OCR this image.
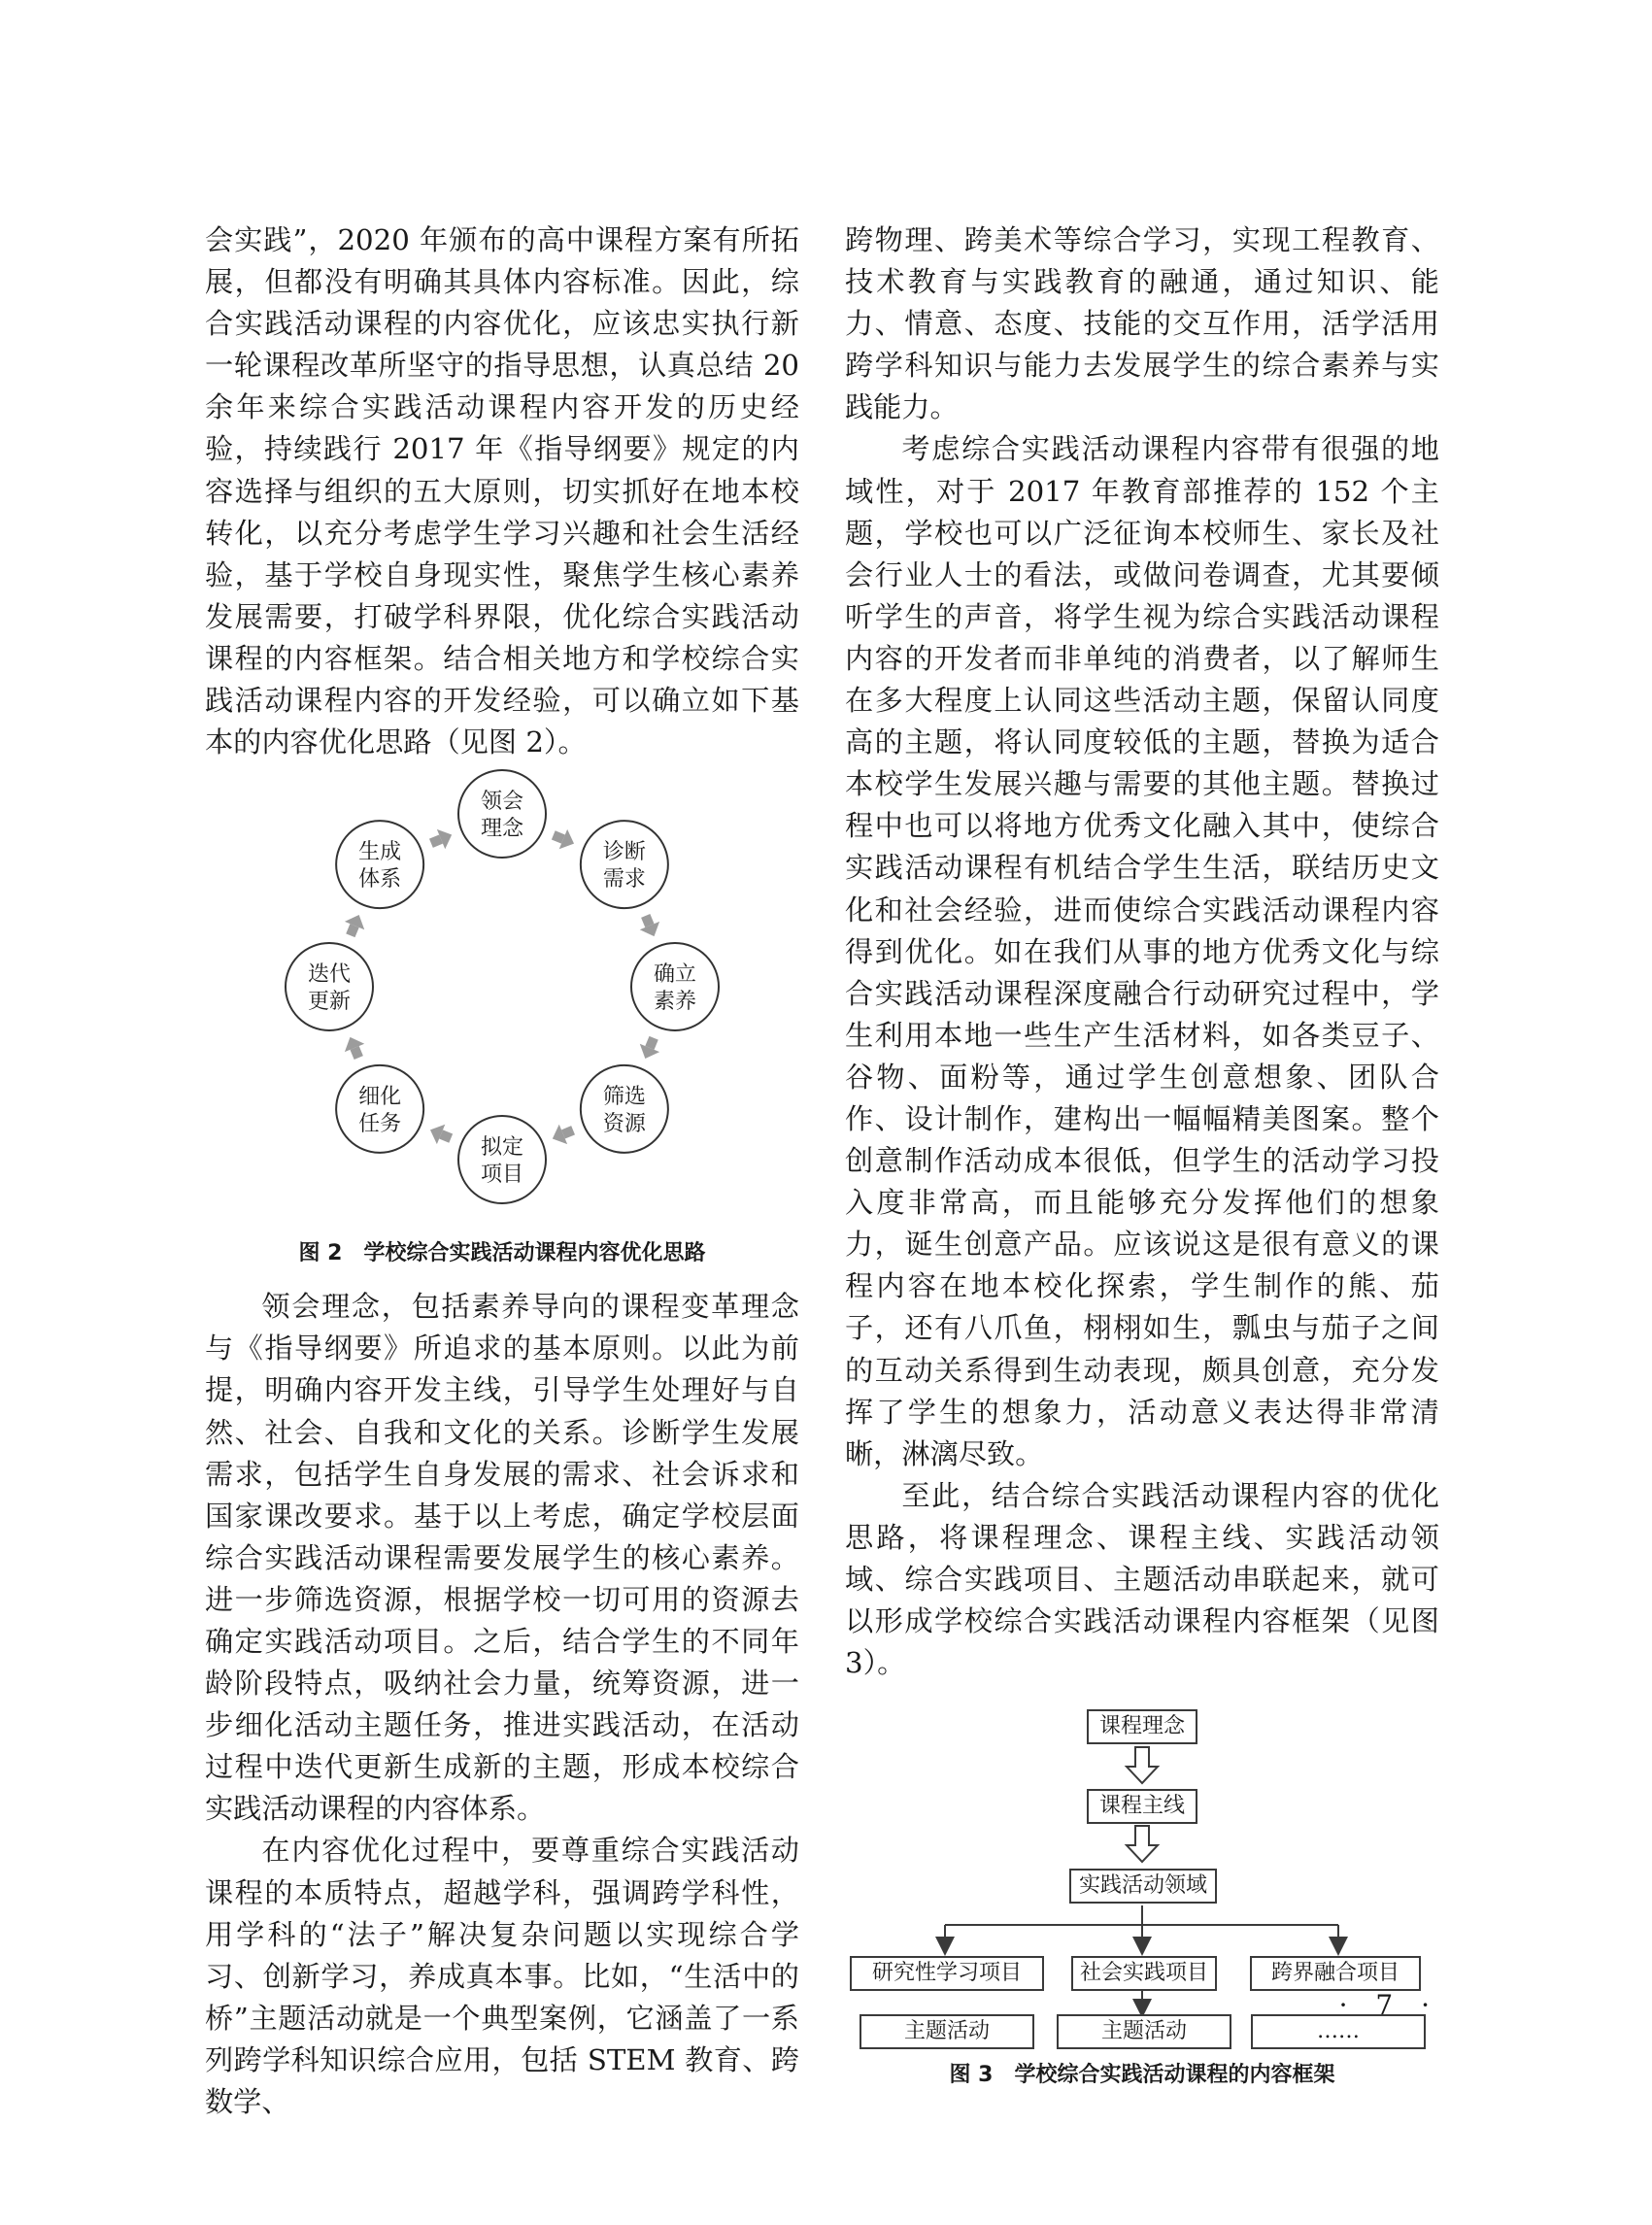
会实践”，2020 年颁布的高中课程方案有所拓展，但都没有明确其具体内容标准。因此，综合实践活动课程的内容优化，应该忠实执行新一轮课程改革所坚守的指导思想，认真总结 20 余年来综合实践活动课程内容开发的历史经验，持续践行 2017 年《指导纲要》规定的内容选择与组织的五大原则，切实抓好在地本校转化，以充分考虑学生学习兴趣和社会生活经验，基于学校自身现实性，聚焦学生核心素养发展需要，打破学科界限，优化综合实践活动课程的内容框架。结合相关地方和学校综合实践活动课程内容的开发经验，可以确立如下基本的内容优化思路（见图 2）。

领会
理念
诊断
需求
确立
素养
筛选
资源
拟定
项目
细化
任务
迭代
更新
生成
体系

图 2　学校综合实践活动课程内容优化思路

领会理念，包括素养导向的课程变革理念与《指导纲要》所追求的基本原则。以此为前提，明确内容开发主线，引导学生处理好与自然、社会、自我和文化的关系。诊断学生发展需求，包括学生自身发展的需求、社会诉求和国家课改要求。基于以上考虑，确定学校层面综合实践活动课程需要发展学生的核心素养。进一步筛选资源，根据学校一切可用的资源去确定实践活动项目。之后，结合学生的不同年龄阶段特点，吸纳社会力量，统筹资源，进一步细化活动主题任务，推进实践活动，在活动过程中迭代更新生成新的主题，形成本校综合实践活动课程的内容体系。

在内容优化过程中，要尊重综合实践活动课程的本质特点，超越学科，强调跨学科性，用学科的“法子”解决复杂问题以实现综合学习、创新学习，养成真本事。比如，“生活中的桥”主题活动就是一个典型案例，它涵盖了一系列跨学科知识综合应用，包括 STEM 教育、跨数学、

跨物理、跨美术等综合学习，实现工程教育、技术教育与实践教育的融通，通过知识、能力、情意、态度、技能的交互作用，活学活用跨学科知识与能力去发展学生的综合素养与实践能力。

考虑综合实践活动课程内容带有很强的地域性，对于 2017 年教育部推荐的 152 个主题，学校也可以广泛征询本校师生、家长及社会行业人士的看法，或做问卷调查，尤其要倾听学生的声音，将学生视为综合实践活动课程内容的开发者而非单纯的消费者，以了解师生在多大程度上认同这些活动主题，保留认同度高的主题，将认同度较低的主题，替换为适合本校学生发展兴趣与需要的其他主题。替换过程中也可以将地方优秀文化融入其中，使综合实践活动课程有机结合学生生活，联结历史文化和社会经验，进而使综合实践活动课程内容得到优化。如在我们从事的地方优秀文化与综合实践活动课程深度融合行动研究过程中，学生利用本地一些生产生活材料，如各类豆子、谷物、面粉等，通过学生创意想象、团队合作、设计制作，建构出一幅幅精美图案。整个创意制作活动成本很低，但学生的活动学习投入度非常高，而且能够充分发挥他们的想象力，诞生创意产品。应该说这是很有意义的课程内容在地本校化探索，学生制作的熊、茄子，还有八爪鱼，栩栩如生，瓢虫与茄子之间的互动关系得到生动表现，颇具创意，充分发挥了学生的想象力，活动意义表达得非常清晰，淋漓尽致。

至此，结合综合实践活动课程内容的优化思路，将课程理念、课程主线、实践活动领域、综合实践项目、主题活动串联起来，就可以形成学校综合实践活动课程内容框架（见图 3）。

课程理念
课程主线
实践活动领域
研究性学习项目	社会实践项目	跨界融合项目
主题活动	主题活动	……

图 3　学校综合实践活动课程的内容框架

· 7 ·
